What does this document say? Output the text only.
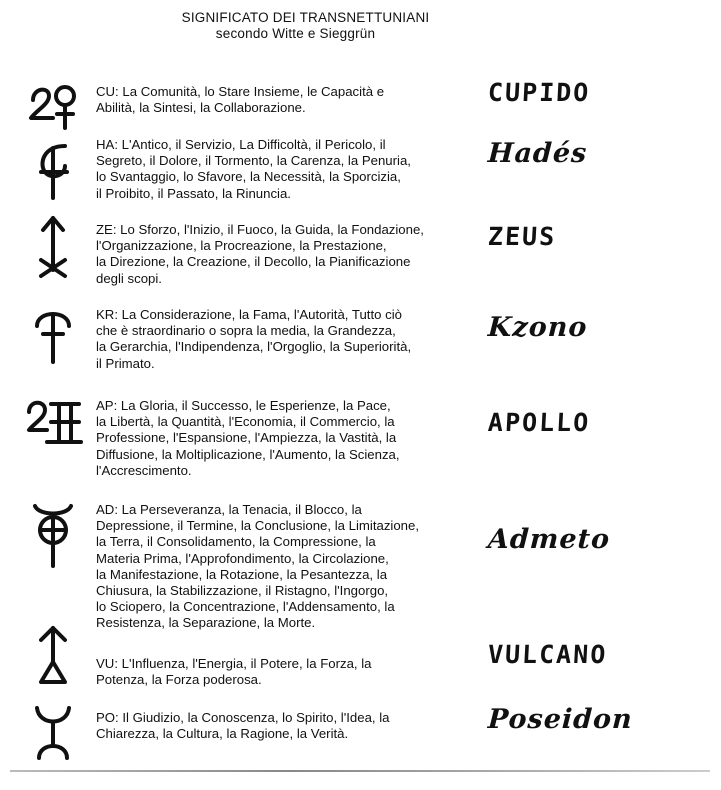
SIGNIFICATO DEI TRANSNETTUNIANI
secondo Witte e Sieggrün
CU: La Comunità, lo Stare Insieme, le Capacità e
Abilità, la Sintesi, la Collaborazione.
CUPIDO
HA: L'Antico, il Servizio, La Difficoltà, il Pericolo, il
Segreto, il Dolore, il Tormento, la Carenza, la Penuria,
lo Svantaggio, lo Sfavore, la Necessità, la Sporcizia,
il Proibito, il Passato, la Rinuncia.
Hadés
ZE: Lo Sforzo, l'Inizio, il Fuoco, la Guida, la Fondazione,
l'Organizzazione, la Procreazione, la Prestazione,
la Direzione, la Creazione, il Decollo, la Pianificazione
degli scopi.
ZEUS
KR: La Considerazione, la Fama, l'Autorità, Tutto ciò
che è straordinario o sopra la media, la Grandezza,
la Gerarchia, l'Indipendenza, l'Orgoglio, la Superiorità,
il Primato.
Kzono
AP: La Gloria, il Successo, le Esperienze, la Pace,
la Libertà, la Quantità, l'Economia, il Commercio, la
Professione, l'Espansione, l'Ampiezza, la Vastità, la
Diffusione, la Moltiplicazione, l'Aumento, la Scienza,
l'Accrescimento.
APOLLO
AD: La Perseveranza, la Tenacia, il Blocco, la
Depressione, il Termine, la Conclusione, la Limitazione,
la Terra, il Consolidamento, la Compressione, la
Materia Prima, l'Approfondimento, la Circolazione,
la Manifestazione, la Rotazione, la Pesantezza, la
Chiusura, la Stabilizzazione, il Ristagno, l'Ingorgo,
lo Sciopero, la Concentrazione, l'Addensamento, la
Resistenza, la Separazione, la Morte.
Admeto
VU: L'Influenza, l'Energia, il Potere, la Forza, la
Potenza, la Forza poderosa.
VULCANO
PO: Il Giudizio, la Conoscenza, lo Spirito, l'Idea, la
Chiarezza, la Cultura, la Ragione, la Verità.	Poseidon
